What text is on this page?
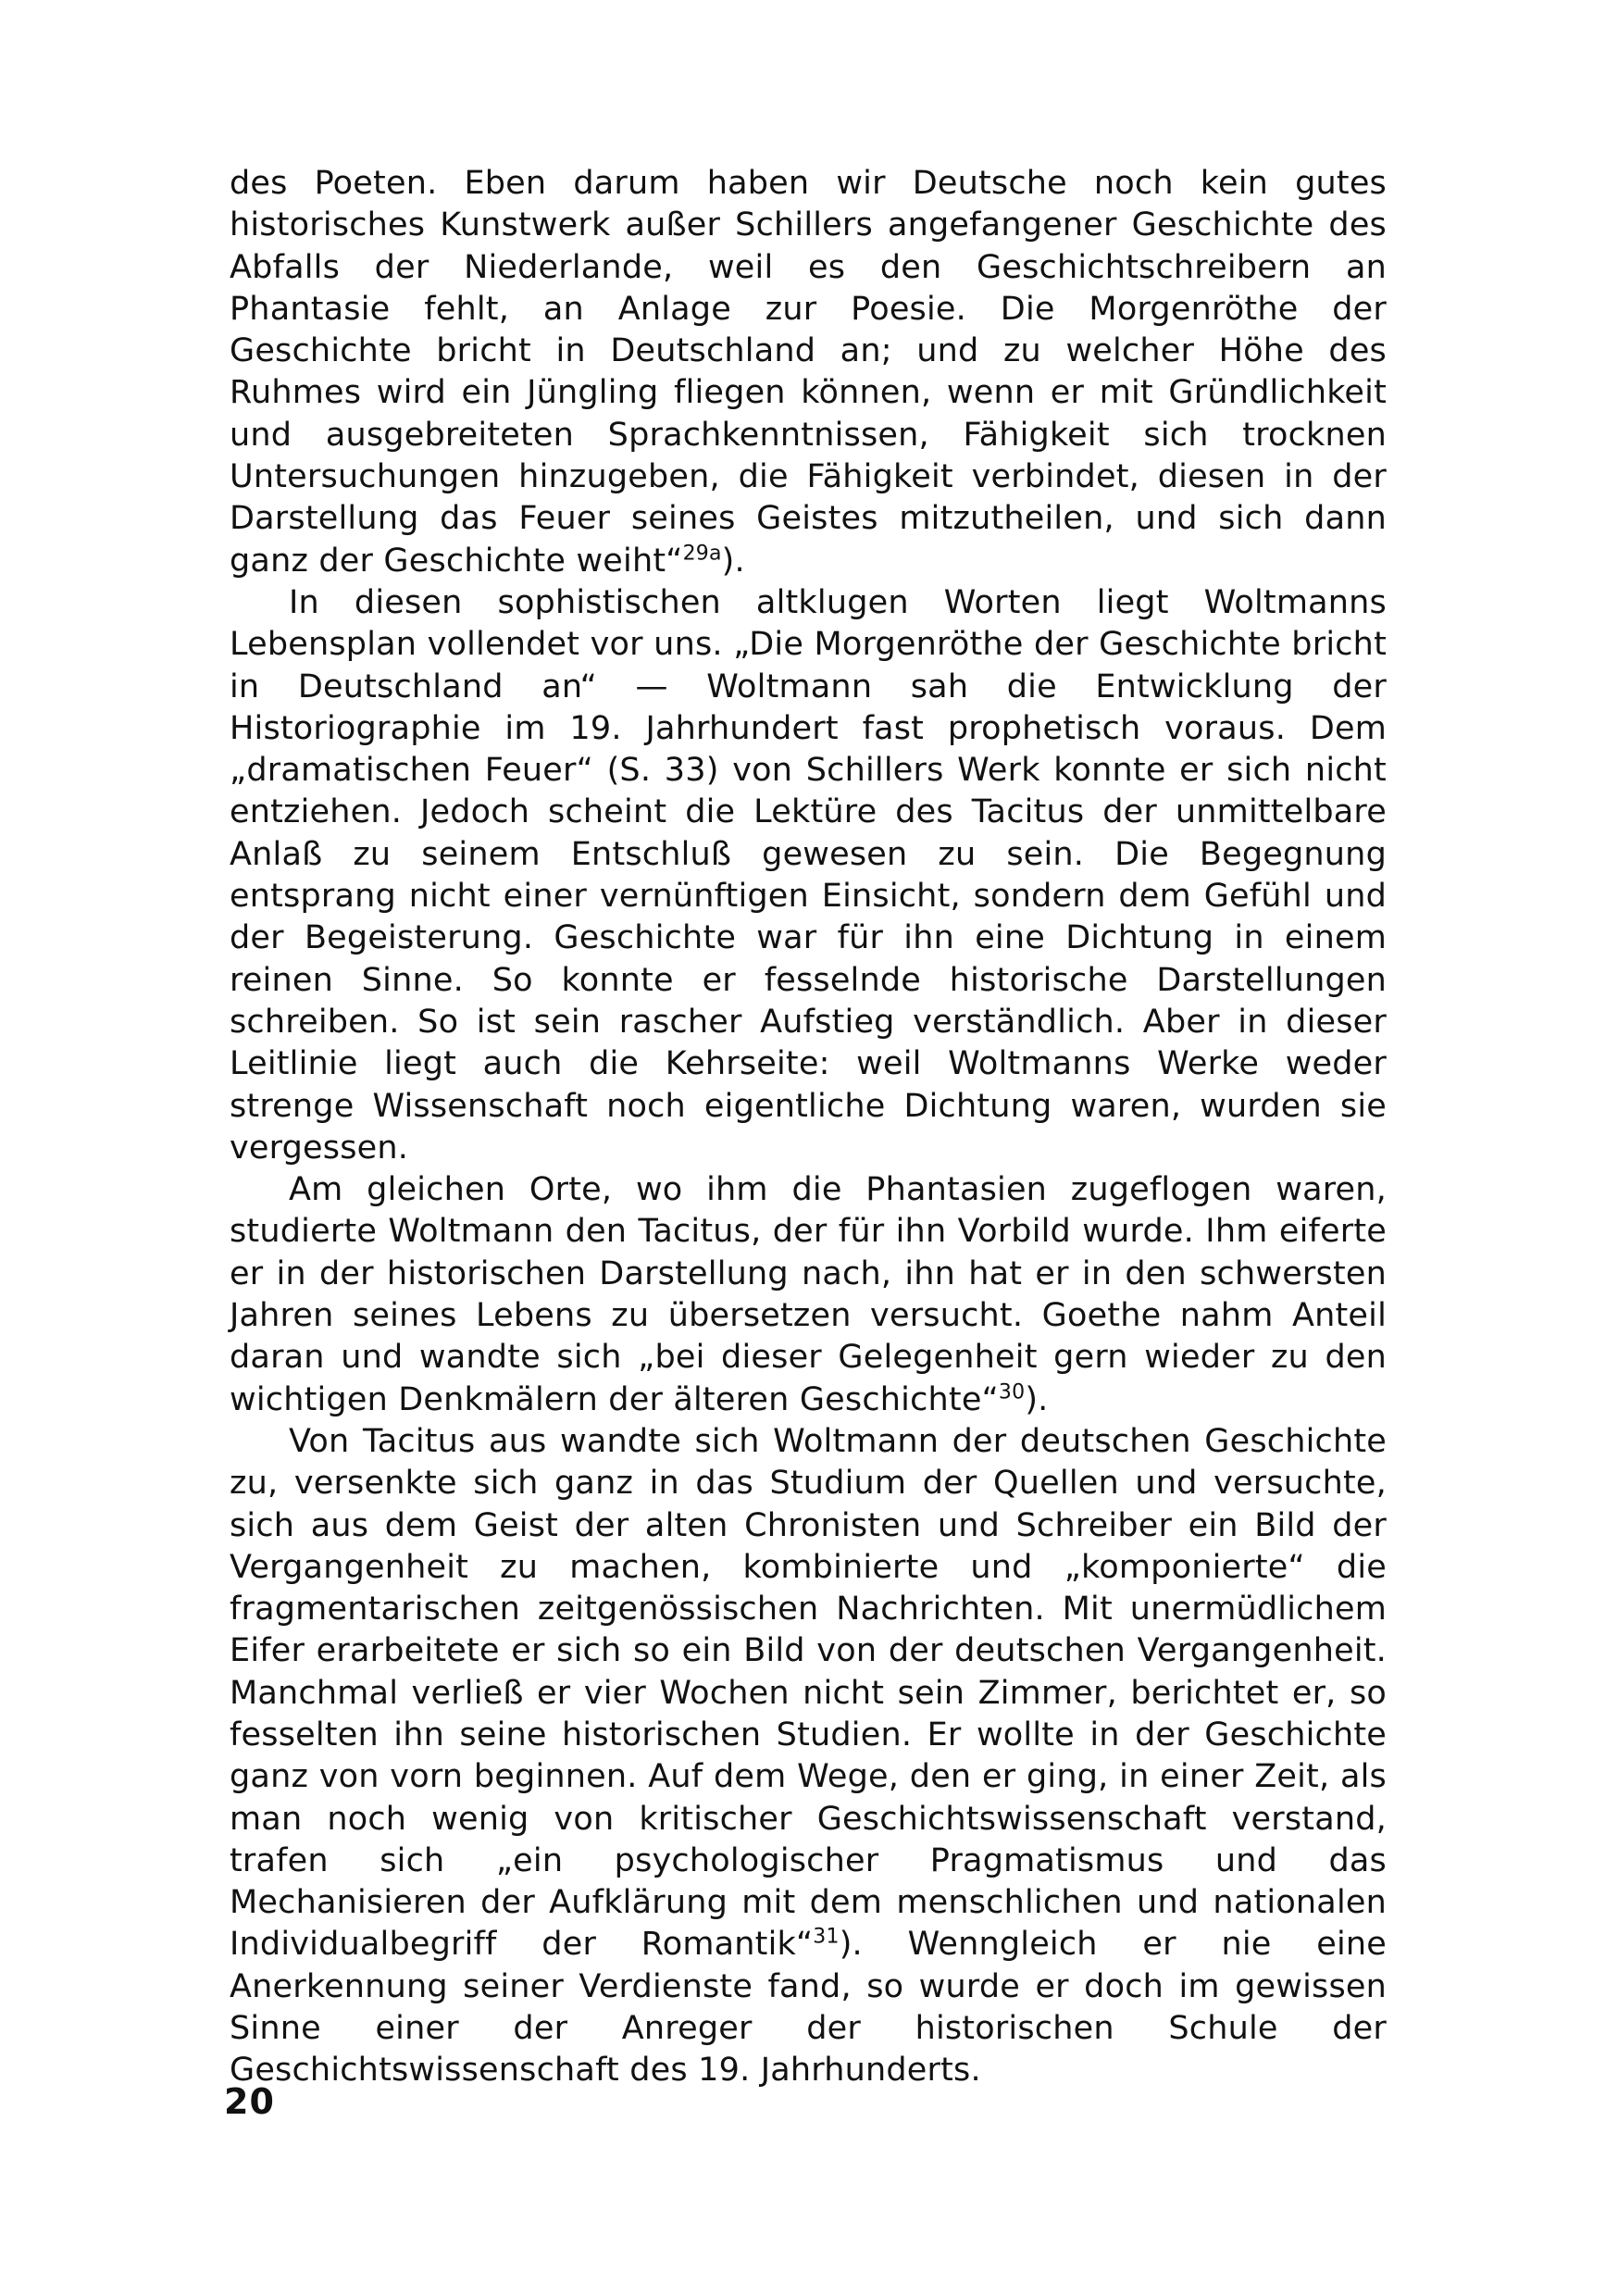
des Poeten. Eben darum haben wir Deutsche noch kein gutes historisches Kunstwerk außer Schillers angefangener Geschichte des Abfalls der Niederlande, weil es den Geschichtschreibern an Phantasie fehlt, an Anlage zur Poesie. Die Morgenröthe der Geschichte bricht in Deutschland an; und zu welcher Höhe des Ruhmes wird ein Jüngling fliegen können, wenn er mit Gründlichkeit und ausgebreiteten Sprachkenntnissen, Fähigkeit sich trocknen Untersuchungen hinzugeben, die Fähigkeit verbindet, diesen in der Darstellung das Feuer seines Geistes mitzutheilen, und sich dann ganz der Geschichte weiht“$^{29a}$).

In diesen sophistischen altklugen Worten liegt Woltmanns Lebensplan vollendet vor uns. „Die Morgenröthe der Geschichte bricht in Deutschland an“ — Woltmann sah die Entwicklung der Historiographie im 19. Jahrhundert fast prophetisch voraus. Dem „dramatischen Feuer“ (S. 33) von Schillers Werk konnte er sich nicht entziehen. Jedoch scheint die Lektüre des Tacitus der unmittelbare Anlaß zu seinem Entschluß gewesen zu sein. Die Begegnung entsprang nicht einer vernünftigen Einsicht, sondern dem Gefühl und der Begeisterung. Geschichte war für ihn eine Dichtung in einem reinen Sinne. So konnte er fesselnde historische Darstellungen schreiben. So ist sein rascher Aufstieg verständlich. Aber in dieser Leitlinie liegt auch die Kehrseite: weil Woltmanns Werke weder strenge Wissenschaft noch eigentliche Dichtung waren, wurden sie vergessen.

Am gleichen Orte, wo ihm die Phantasien zugeflogen waren, studierte Woltmann den Tacitus, der für ihn Vorbild wurde. Ihm eiferte er in der historischen Darstellung nach, ihn hat er in den schwersten Jahren seines Lebens zu übersetzen versucht. Goethe nahm Anteil daran und wandte sich „bei dieser Gelegenheit gern wieder zu den wichtigen Denkmälern der älteren Geschichte“$^{30}$).

Von Tacitus aus wandte sich Woltmann der deutschen Geschichte zu, versenkte sich ganz in das Studium der Quellen und versuchte, sich aus dem Geist der alten Chronisten und Schreiber ein Bild der Vergangenheit zu machen, kombinierte und „komponierte“ die fragmentarischen zeitgenössischen Nachrichten. Mit unermüdlichem Eifer erarbeitete er sich so ein Bild von der deutschen Vergangenheit. Manchmal verließ er vier Wochen nicht sein Zimmer, berichtet er, so fesselten ihn seine historischen Studien. Er wollte in der Geschichte ganz von vorn beginnen. Auf dem Wege, den er ging, in einer Zeit, als man noch wenig von kritischer Geschichtswissenschaft verstand, trafen sich „ein psychologischer Pragmatismus und das Mechanisieren der Aufklärung mit dem menschlichen und nationalen Individualbegriff der Romantik“$^{31}$). Wenngleich er nie eine Anerkennung seiner Verdienste fand, so wurde er doch im gewissen Sinne einer der Anreger der historischen Schule der Geschichtswissenschaft des 19. Jahrhunderts.

20
